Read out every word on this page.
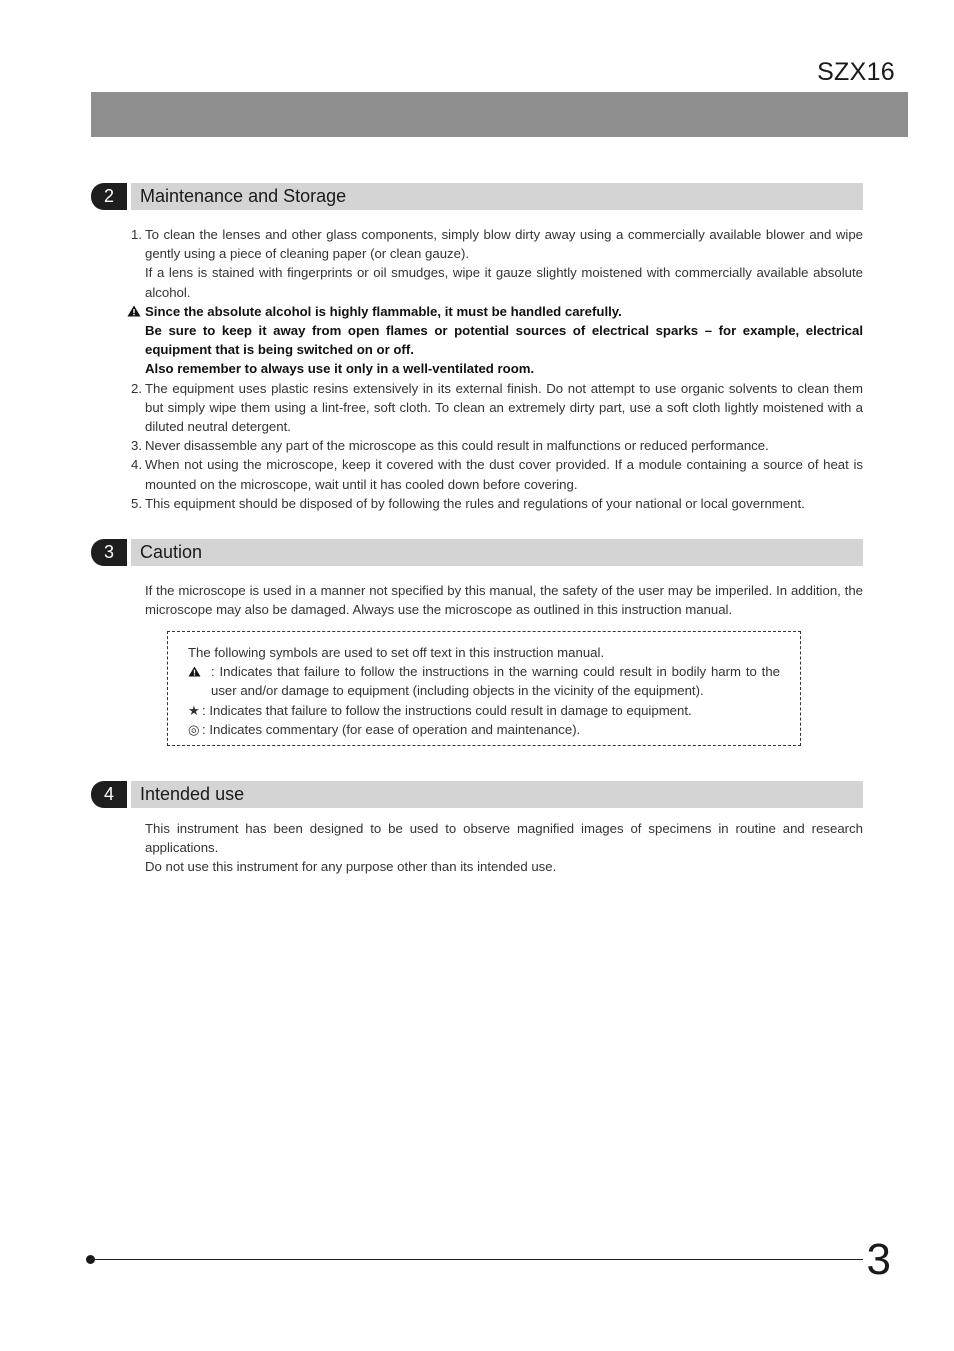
SZX16
2	Maintenance and Storage
1. To clean the lenses and other glass components, simply blow dirty away using a commercially available blower and wipe gently using a piece of cleaning paper (or clean gauze).

If a lens is stained with fingerprints or oil smudges, wipe it gauze slightly moistened with commercially available absolute alcohol.

Since the absolute alcohol is highly flammable, it must be handled carefully.

Be sure to keep it away from open flames or potential sources of electrical sparks – for example, electrical equipment that is being switched on or off.

Also remember to always use it only in a well-ventilated room.

2. The equipment uses plastic resins extensively in its external finish. Do not attempt to use organic solvents to clean them but simply wipe them using a lint-free, soft cloth. To clean an extremely dirty part, use a soft cloth lightly moistened with a diluted neutral detergent.

3. Never disassemble any part of the microscope as this could result in malfunctions or reduced performance.

4. When not using the microscope, keep it covered with the dust cover provided. If a module containing a source of heat is mounted on the microscope, wait until it has cooled down before covering.

5. This equipment should be disposed of by following the rules and regulations of your national or local government.

3	Caution

If the microscope is used in a manner not specified by this manual, the safety of the user may be imperiled. In addition, the microscope may also be damaged. Always use the microscope as outlined in this instruction manual.

The following symbols are used to set off text in this instruction manual.

: Indicates that failure to follow the instructions in the warning could result in bodily harm to the user and/or damage to equipment (including objects in the vicinity of the equipment).
★ : Indicates that failure to follow the instructions could result in damage to equipment.
◎ : Indicates commentary (for ease of operation and maintenance).
4	Intended use

This instrument has been designed to be used to observe magnified images of specimens in routine and research applications.

Do not use this instrument for any purpose other than its intended use.

3
